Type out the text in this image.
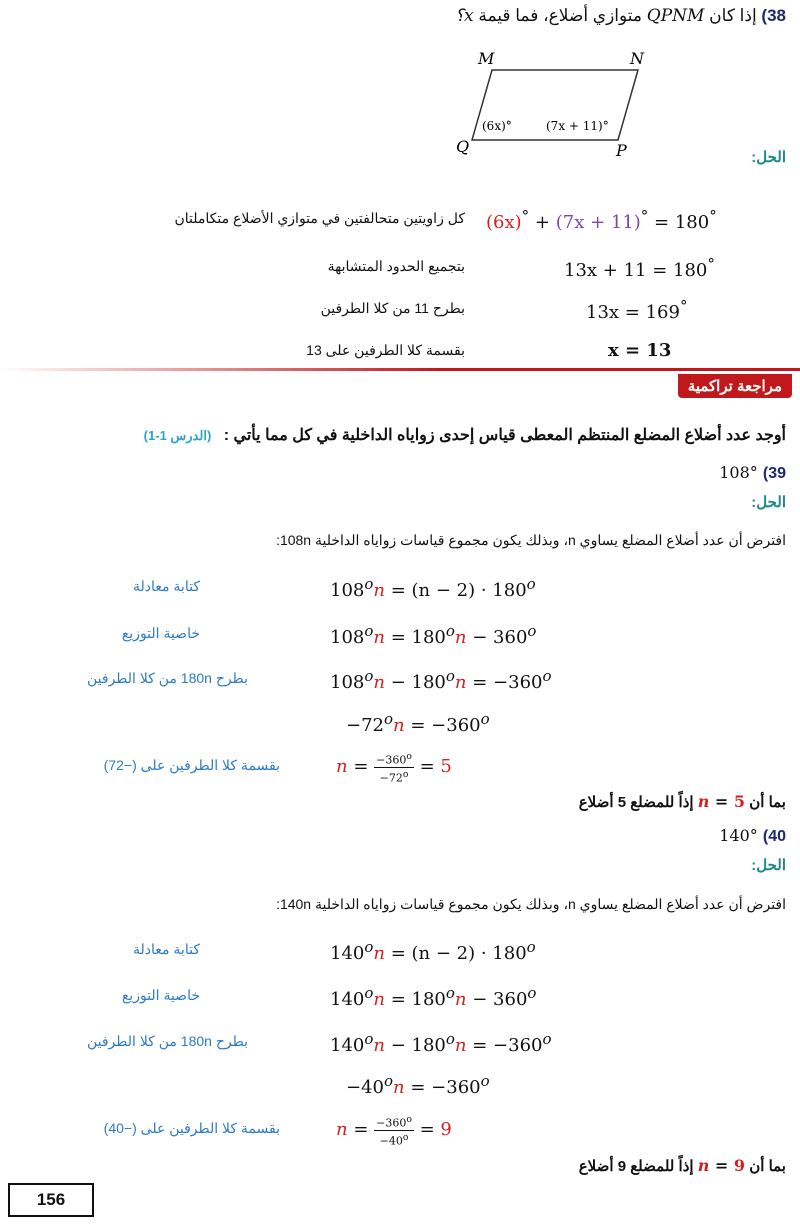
38) إذا كان QPNM متوازي أضلاع، فما قيمة x؟
M	N
Q	P
(6x)°	(7x + 11)°
الحل:
(6x)° + (7x + 11)° = 180°
كل زاويتين متحالفتين في متوازي الأضلاع متكاملتان
13x + 11 = 180°
بتجميع الحدود المتشابهة
13x = 169°
بطرح 11 من كلا الطرفين
x = 13
بقسمة كلا الطرفين على 13
مراجعة تراكمية
أوجد عدد أضلاع المضلع المنتظم المعطى قياس إحدى زواياه الداخلية في كل مما يأتي : (الدرس 1-1)
108° (39
الحل:
افترض أن عدد أضلاع المضلع يساوي n، وبذلك يكون مجموع قياسات زواياه الداخلية 108n:
$108^on = (n - 2) \cdot 180^o$
كتابة معادلة
$108^on = 180^on - 360^o$
خاصية التوزيع
$108^on - 180^on = -360^o$
بطرح 180n من كلا الطرفين
$-72^on = -360^o$
$n = \frac{-360^o}{-72^o} = 5$
بقسمة كلا الطرفين على (−72)
بما أن n = 5 إذاً للمضلع 5 أضلاع
140° (40
الحل:
افترض أن عدد أضلاع المضلع يساوي n، وبذلك يكون مجموع قياسات زواياه الداخلية 140n:
$140^on = (n - 2) \cdot 180^o$
كتابة معادلة
$140^on = 180^on - 360^o$
خاصية التوزيع
$140^on - 180^on = -360^o$
بطرح 180n من كلا الطرفين
$-40^on = -360^o$
$n = \frac{-360^o}{-40^o} = 9$
بقسمة كلا الطرفين على (−40)
بما أن n = 9 إذاً للمضلع 9 أضلاع
156
